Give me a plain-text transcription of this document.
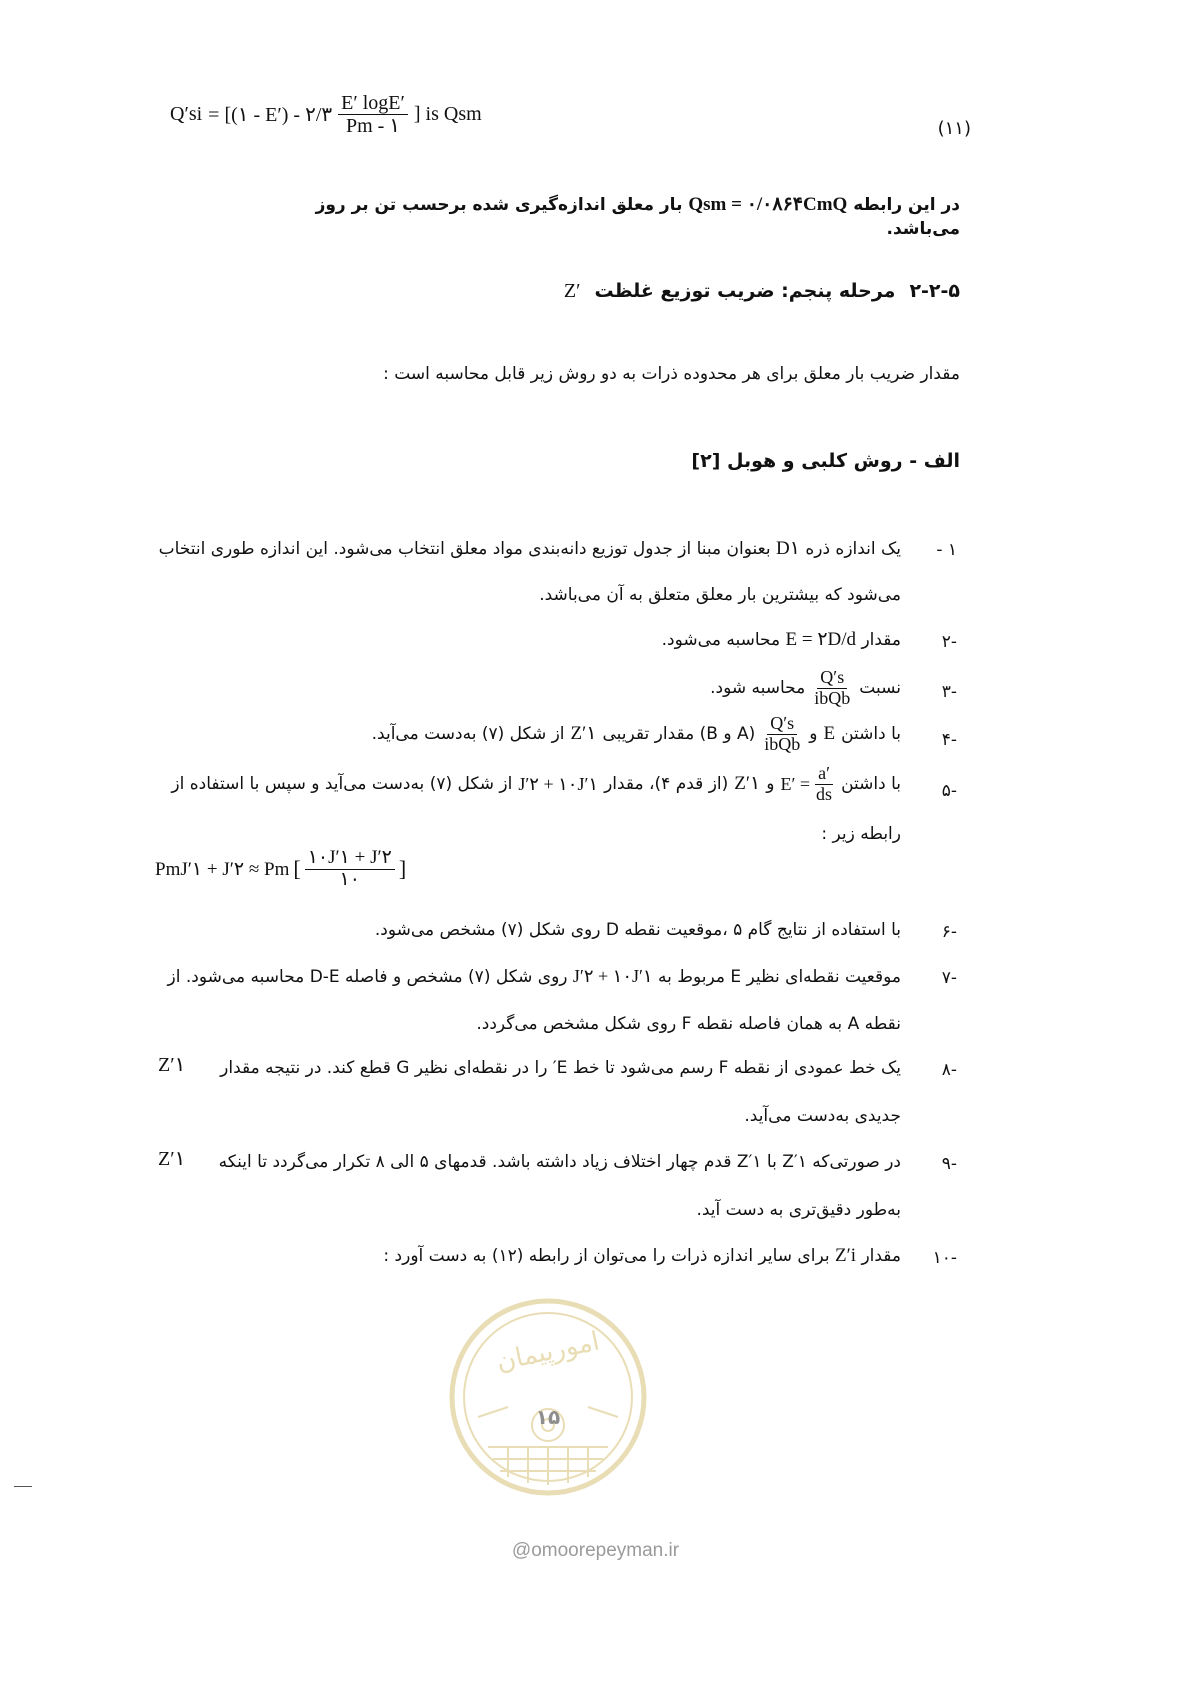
Q′si = [(۱ - E′) - ۲/۳ $\frac{E' \log E'}{Pm - ۱}$ ] is Qsm
(۱۱)
در این رابطه Qsm = ۰/۰۸۶۴CmQ بار معلق اندازه‌گیری شده برحسب تن بر روز می‌باشد.
۲-۲-۵
مرحله پنجم: ضریب توزیع غلظت
Z′
مقدار ضریب بار معلق برای هر محدوده ذرات به دو روش زیر قابل محاسبه است :
الف - روش کلبی و هوبل [۲]
۱ -
یک اندازه ذره D۱ بعنوان مبنا از جدول توزیع دانه‌بندی مواد معلق انتخاب می‌شود. این اندازه طوری انتخاب
می‌شود که بیشترین بار معلق متعلق به آن می‌باشد.
-۲
مقدار E = ۲D/d محاسبه می‌شود.
-۳
نسبت
$\frac{Q's}{\text{ibQb}}$
محاسبه شود.
-۴
با داشتن
E
و
$\frac{Q's}{\text{ibQb}}$
(A و B) مقدار تقریبی
Z′۱
از شکل (۷) به‌دست می‌آید.
-۵
با داشتن
$E' = \frac{a'}{ds}$
و
Z′۱
(از قدم ۴)، مقدار
J′۲ + ۱۰J′۱
از شکل (۷) به‌دست می‌آید و سپس با استفاده از
رابطه زیر :
PmJ′۱ + J′۲ ≈ Pm [ $\frac{۱۰J'۱ + J'۲}{۱۰}$ ]
-۶
با استفاده از نتایج گام ۵ ،موقعیت نقطه D روی شکل (۷) مشخص می‌شود.
-۷
موقعیت نقطه‌ای نظیر E مربوط به J′۲ + ۱۰J′۱ روی شکل (۷) مشخص و فاصله D-E محاسبه می‌شود. از
نقطه A به همان فاصله نقطه F روی شکل مشخص می‌گردد.
-۸
یک خط عمودی از نقطه F رسم می‌شود تا خط E′ را در نقطه‌ای نظیر G قطع کند. در نتیجه مقدار
Z′۱
جدیدی به‌دست می‌آید.
-۹
در صورتی‌که Z′۱ با Z′۱ قدم چهار اختلاف زیاد داشته باشد. قدمهای ۵ الی ۸ تکرار می‌گردد تا اینکه
Z′۱
به‌طور دقیق‌تری به دست آید.
-۱۰
مقدار Z′i برای سایر اندازه ذرات را می‌توان از رابطه (۱۲) به دست آورد :
امورپیمان
۱۵
@omoorepeyman.ir
